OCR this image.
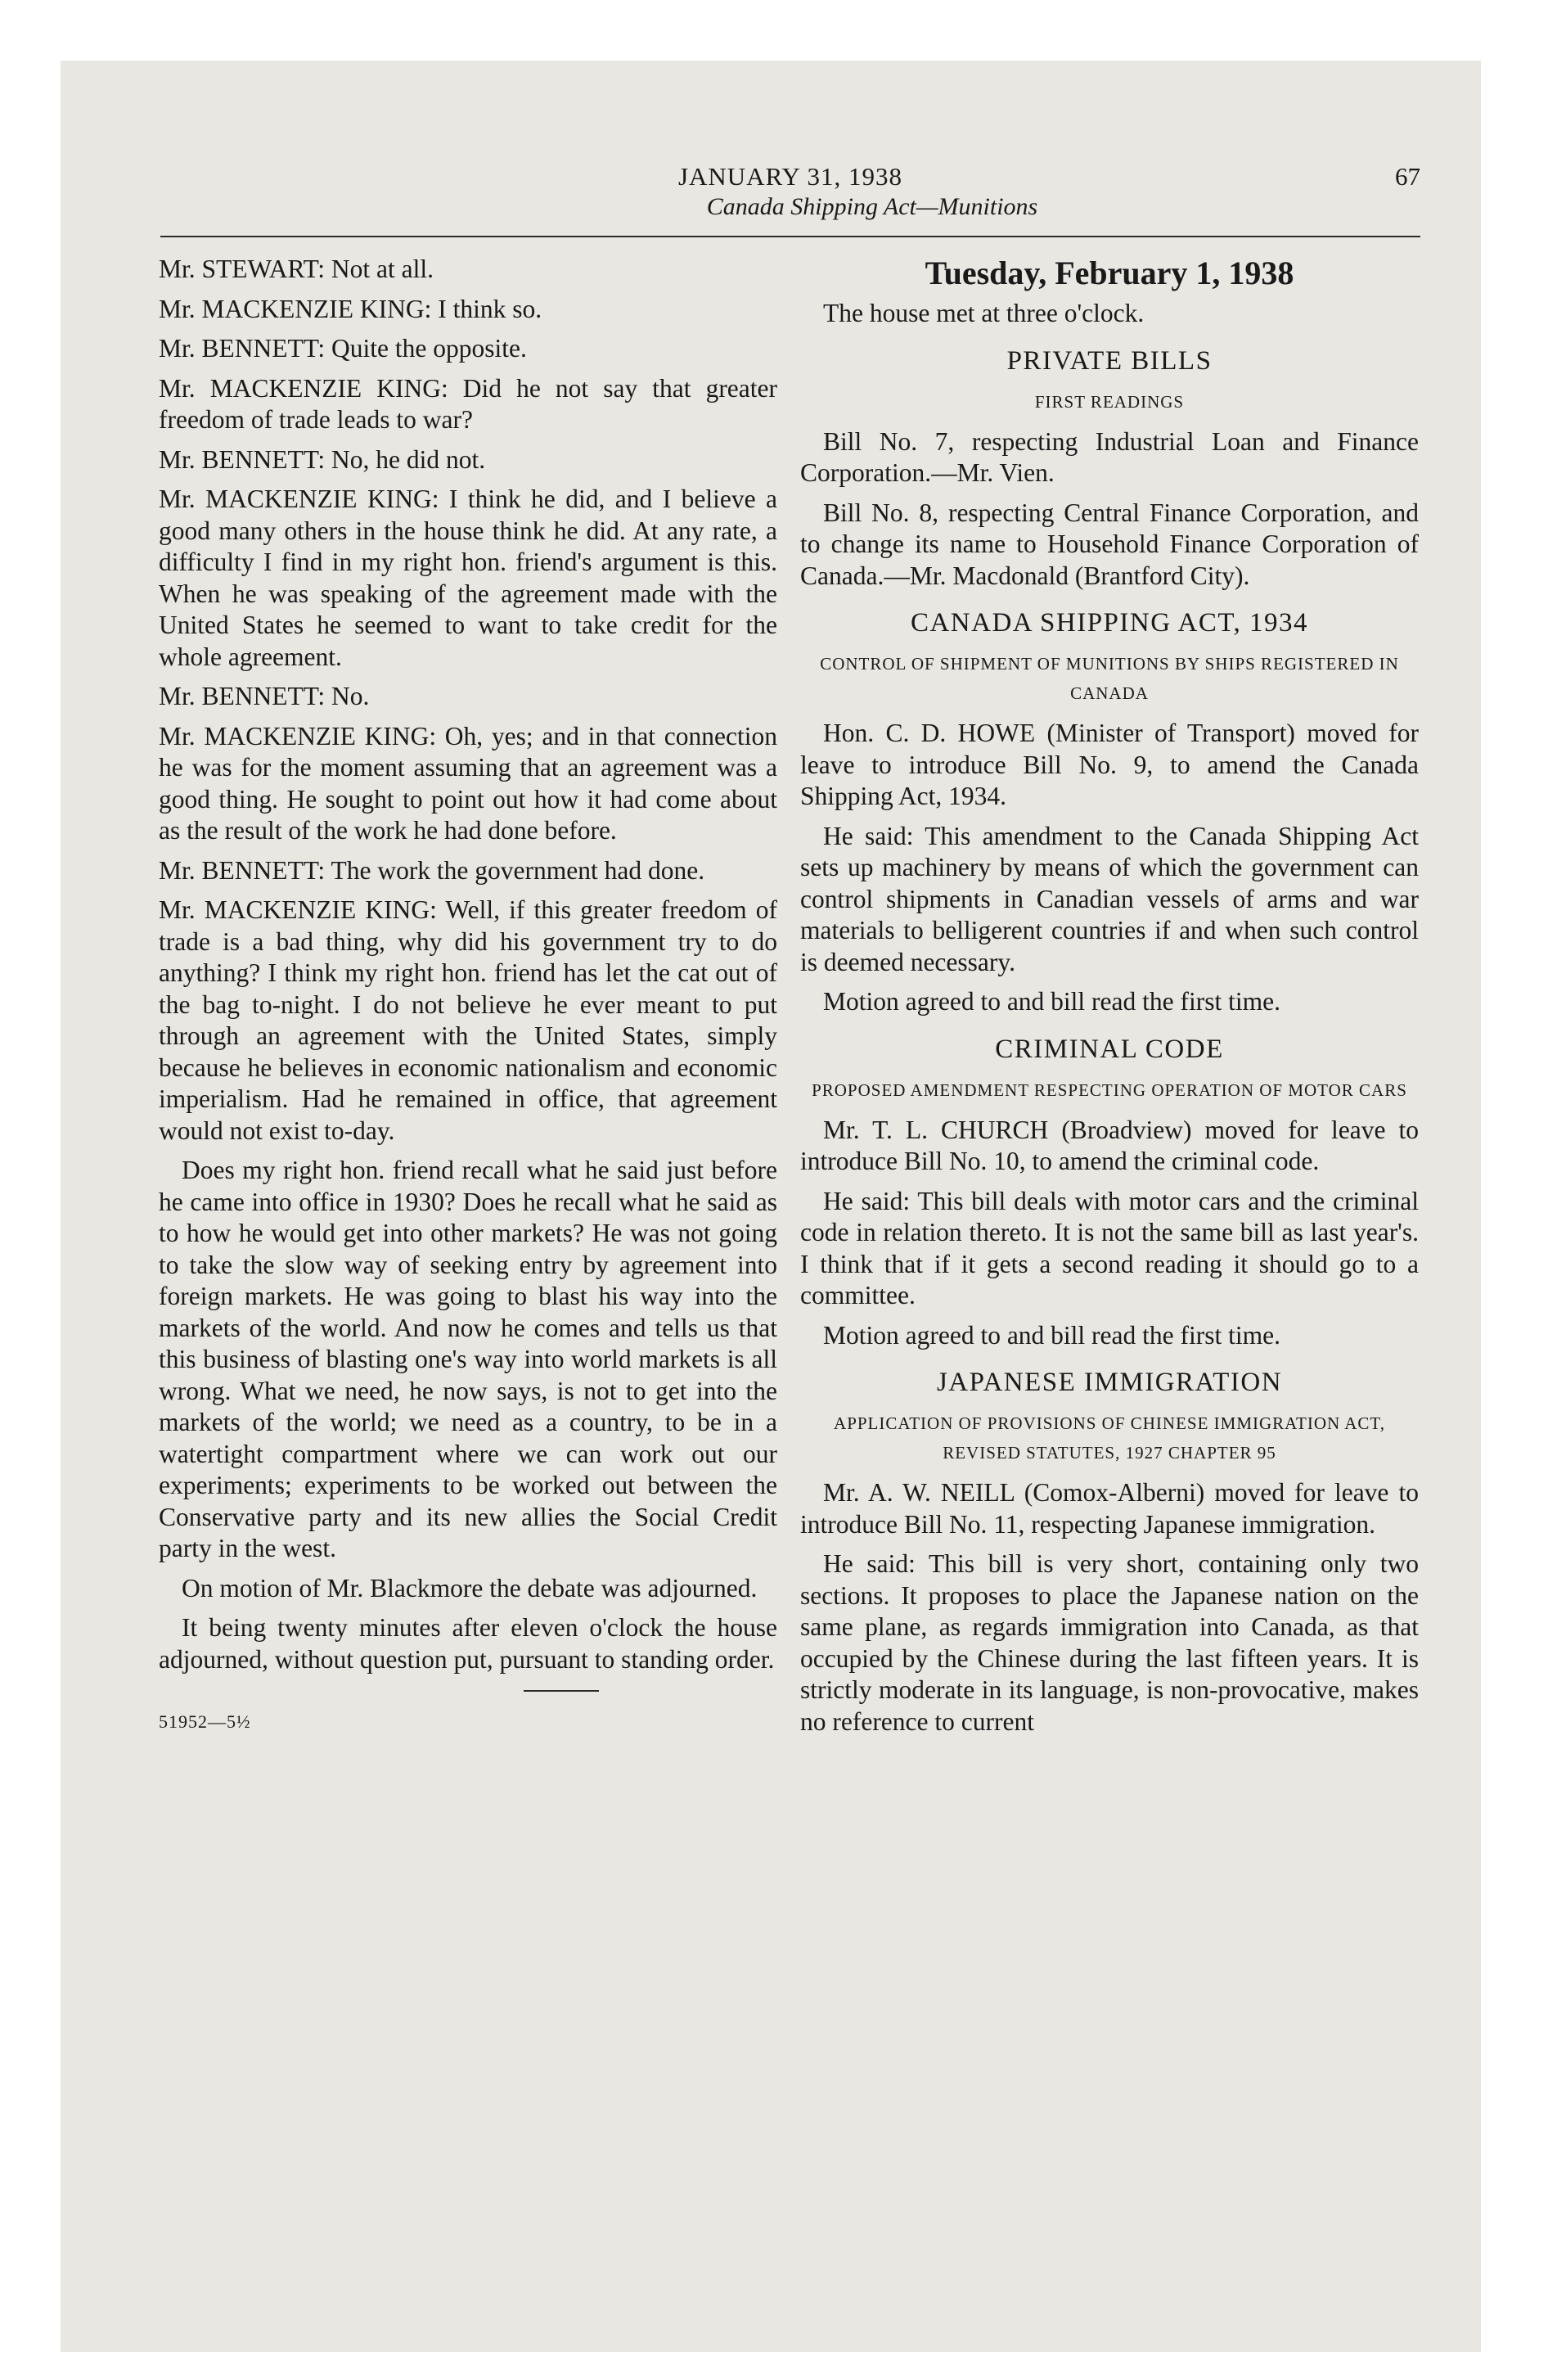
JANUARY 31, 1938	67
Canada Shipping Act—Munitions

Mr. STEWART: Not at all.

Mr. MACKENZIE KING: I think so.

Mr. BENNETT: Quite the opposite.

Mr. MACKENZIE KING: Did he not say that greater freedom of trade leads to war?

Mr. BENNETT: No, he did not.

Mr. MACKENZIE KING: I think he did, and I believe a good many others in the house think he did. At any rate, a difficulty I find in my right hon. friend's argument is this. When he was speaking of the agreement made with the United States he seemed to want to take credit for the whole agreement.

Mr. BENNETT: No.

Mr. MACKENZIE KING: Oh, yes; and in that connection he was for the moment assuming that an agreement was a good thing. He sought to point out how it had come about as the result of the work he had done before.

Mr. BENNETT: The work the government had done.

Mr. MACKENZIE KING: Well, if this greater freedom of trade is a bad thing, why did his government try to do anything? I think my right hon. friend has let the cat out of the bag to-night. I do not believe he ever meant to put through an agreement with the United States, simply because he believes in economic nationalism and economic imperialism. Had he remained in office, that agreement would not exist to-day.

Does my right hon. friend recall what he said just before he came into office in 1930? Does he recall what he said as to how he would get into other markets? He was not going to take the slow way of seeking entry by agreement into foreign markets. He was going to blast his way into the markets of the world. And now he comes and tells us that this business of blasting one's way into world markets is all wrong. What we need, he now says, is not to get into the markets of the world; we need as a country, to be in a watertight compartment where we can work out our experiments; experiments to be worked out between the Conservative party and its new allies the Social Credit party in the west.

On motion of Mr. Blackmore the debate was adjourned.

It being twenty minutes after eleven o'clock the house adjourned, without question put, pursuant to standing order.

51952—5½
Tuesday, February 1, 1938

The house met at three o'clock.

PRIVATE BILLS
FIRST READINGS

Bill No. 7, respecting Industrial Loan and Finance Corporation.—Mr. Vien.

Bill No. 8, respecting Central Finance Corporation, and to change its name to Household Finance Corporation of Canada.—Mr. Macdonald (Brantford City).

CANADA SHIPPING ACT, 1934
CONTROL OF SHIPMENT OF MUNITIONS BY SHIPS REGISTERED IN CANADA

Hon. C. D. HOWE (Minister of Transport) moved for leave to introduce Bill No. 9, to amend the Canada Shipping Act, 1934.

He said: This amendment to the Canada Shipping Act sets up machinery by means of which the government can control shipments in Canadian vessels of arms and war materials to belligerent countries if and when such control is deemed necessary.

Motion agreed to and bill read the first time.

CRIMINAL CODE
PROPOSED AMENDMENT RESPECTING OPERATION OF MOTOR CARS

Mr. T. L. CHURCH (Broadview) moved for leave to introduce Bill No. 10, to amend the criminal code.

He said: This bill deals with motor cars and the criminal code in relation thereto. It is not the same bill as last year's. I think that if it gets a second reading it should go to a committee.

Motion agreed to and bill read the first time.

JAPANESE IMMIGRATION
APPLICATION OF PROVISIONS OF CHINESE IMMIGRATION ACT, REVISED STATUTES, 1927 CHAPTER 95

Mr. A. W. NEILL (Comox-Alberni) moved for leave to introduce Bill No. 11, respecting Japanese immigration.

He said: This bill is very short, containing only two sections. It proposes to place the Japanese nation on the same plane, as regards immigration into Canada, as that occupied by the Chinese during the last fifteen years. It is strictly moderate in its language, is non-provocative, makes no reference to current
